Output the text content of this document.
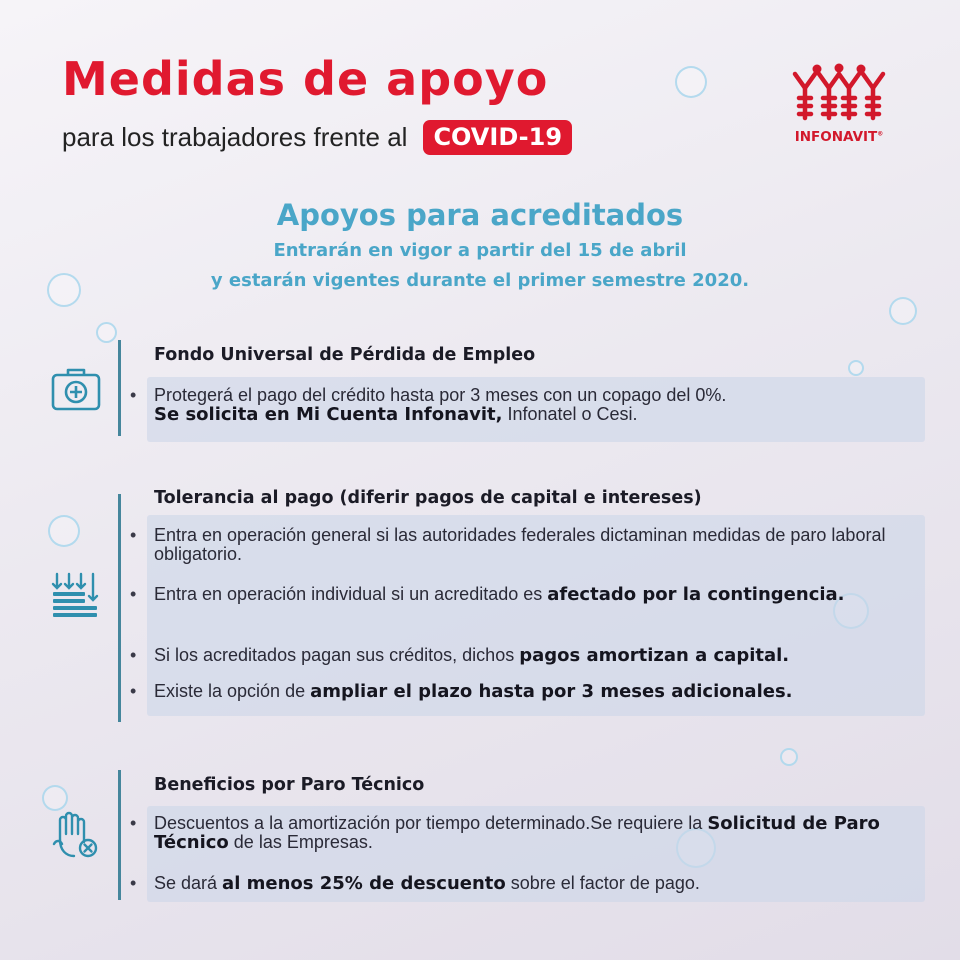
Medidas de apoyo
para los trabajadores frente al	COVID-19	INFONAVIT®
Apoyos para acreditados
Entrarán en vigor a partir del 15 de abril
y estarán vigentes durante el primer semestre 2020.
Fondo Universal de Pérdida de Empleo
• Protegerá el pago del crédito hasta por 3 meses con un copago del 0%.
Se solicita en Mi Cuenta Infonavit, Infonatel o Cesi.
Tolerancia al pago (diferir pagos de capital e intereses)
• Entra en operación general si las autoridades federales dictaminan medidas de paro laboral obligatorio.
• Entra en operación individual si un acreditado es afectado por la contingencia.
• Si los acreditados pagan sus créditos, dichos pagos amortizan a capital.
• Existe la opción de ampliar el plazo hasta por 3 meses adicionales.
Beneficios por Paro Técnico
• Descuentos a la amortización por tiempo determinado.Se requiere la Solicitud de Paro Técnico de las Empresas.
• Se dará al menos 25% de descuento sobre el factor de pago.
